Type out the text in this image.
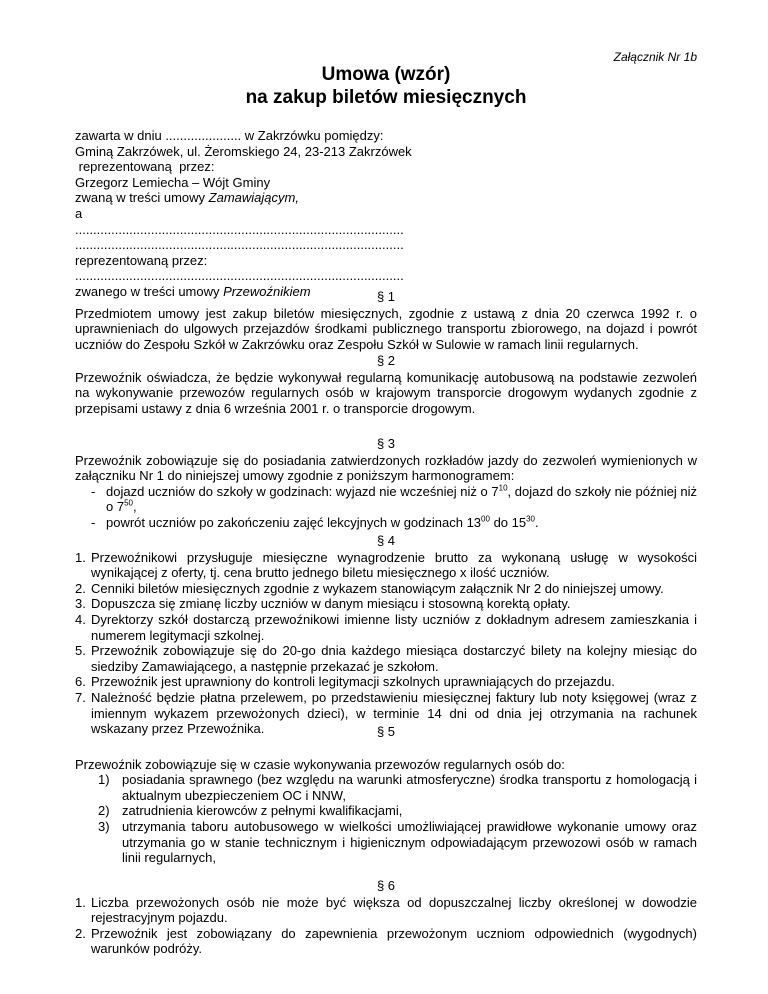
Załącznik Nr 1b
Umowa (wzór)
na zakup biletów miesięcznych
zawarta w dniu ..................... w Zakrzówku pomiędzy:
Gminą Zakrzówek, ul. Żeromskiego 24, 23-213 Zakrzówek
reprezentowaną  przez:
Grzegorz Lemiecha – Wójt Gminy
zwaną w treści umowy Zamawiającym,
a
...........................................................................................
...........................................................................................
reprezentowaną przez:
...........................................................................................
zwanego w treści umowy Przewoźnikiem	§ 1
Przedmiotem umowy jest zakup biletów miesięcznych, zgodnie z ustawą z dnia 20 czerwca 1992 r. o uprawnieniach do ulgowych przejazdów środkami publicznego transportu zbiorowego, na dojazd i powrót uczniów do Zespołu Szkół w Zakrzówku oraz Zespołu Szkół w Sulowie w ramach linii regularnych.
§ 2
Przewoźnik oświadcza, że będzie wykonywał regularną komunikację autobusową na podstawie zezwoleń na wykonywanie przewozów regularnych osób w krajowym transporcie drogowym wydanych zgodnie z przepisami ustawy z dnia 6 września 2001 r. o transporcie drogowym.
§ 3
Przewoźnik zobowiązuje się do posiadania zatwierdzonych rozkładów jazdy do zezwoleń wymienionych w załączniku Nr 1 do niniejszej umowy zgodnie z poniższym harmonogramem:
- dojazd uczniów do szkoły w godzinach: wyjazd nie wcześniej niż o $7^{10}$, dojazd do szkoły nie później niż o $7^{50}$,
- powrót uczniów po zakończeniu zajęć lekcyjnych w godzinach $13^{00}$ do $15^{30}$.
§ 4
1. Przewoźnikowi przysługuje miesięczne wynagrodzenie brutto za wykonaną usługę w wysokości wynikającej z oferty, tj. cena brutto jednego biletu miesięcznego x ilość uczniów.
2. Cenniki biletów miesięcznych zgodnie z wykazem stanowiącym załącznik Nr 2 do niniejszej umowy.
3. Dopuszcza się zmianę liczby uczniów w danym miesiącu i stosowną korektą opłaty.
4. Dyrektorzy szkół dostarczą przewoźnikowi imienne listy uczniów z dokładnym adresem zamieszkania i numerem legitymacji szkolnej.
5. Przewoźnik zobowiązuje się do 20-go dnia każdego miesiąca dostarczyć bilety na kolejny miesiąc do siedziby Zamawiającego, a następnie przekazać je szkołom.
6. Przewoźnik jest uprawniony do kontroli legitymacji szkolnych uprawniających do przejazdu.
7. Należność będzie płatna przelewem, po przedstawieniu miesięcznej faktury lub noty księgowej (wraz z imiennym wykazem przewożonych dzieci), w terminie 14 dni od dnia jej otrzymania na rachunek wskazany przez Przewoźnika.	§ 5
Przewoźnik zobowiązuje się w czasie wykonywania przewozów regularnych osób do:
1) posiadania sprawnego (bez względu na warunki atmosferyczne) środka transportu z homologacją i aktualnym ubezpieczeniem OC i NNW,
2) zatrudnienia kierowców z pełnymi kwalifikacjami,
3) utrzymania taboru autobusowego w wielkości umożliwiającej prawidłowe wykonanie umowy oraz utrzymania go w stanie technicznym i higienicznym odpowiadającym przewozowi osób w ramach linii regularnych,
§ 6
1. Liczba przewożonych osób nie może być większa od dopuszczalnej liczby określonej w dowodzie rejestracyjnym pojazdu.
2. Przewoźnik jest zobowiązany do zapewnienia przewożonym uczniom odpowiednich (wygodnych) warunków podróży.
